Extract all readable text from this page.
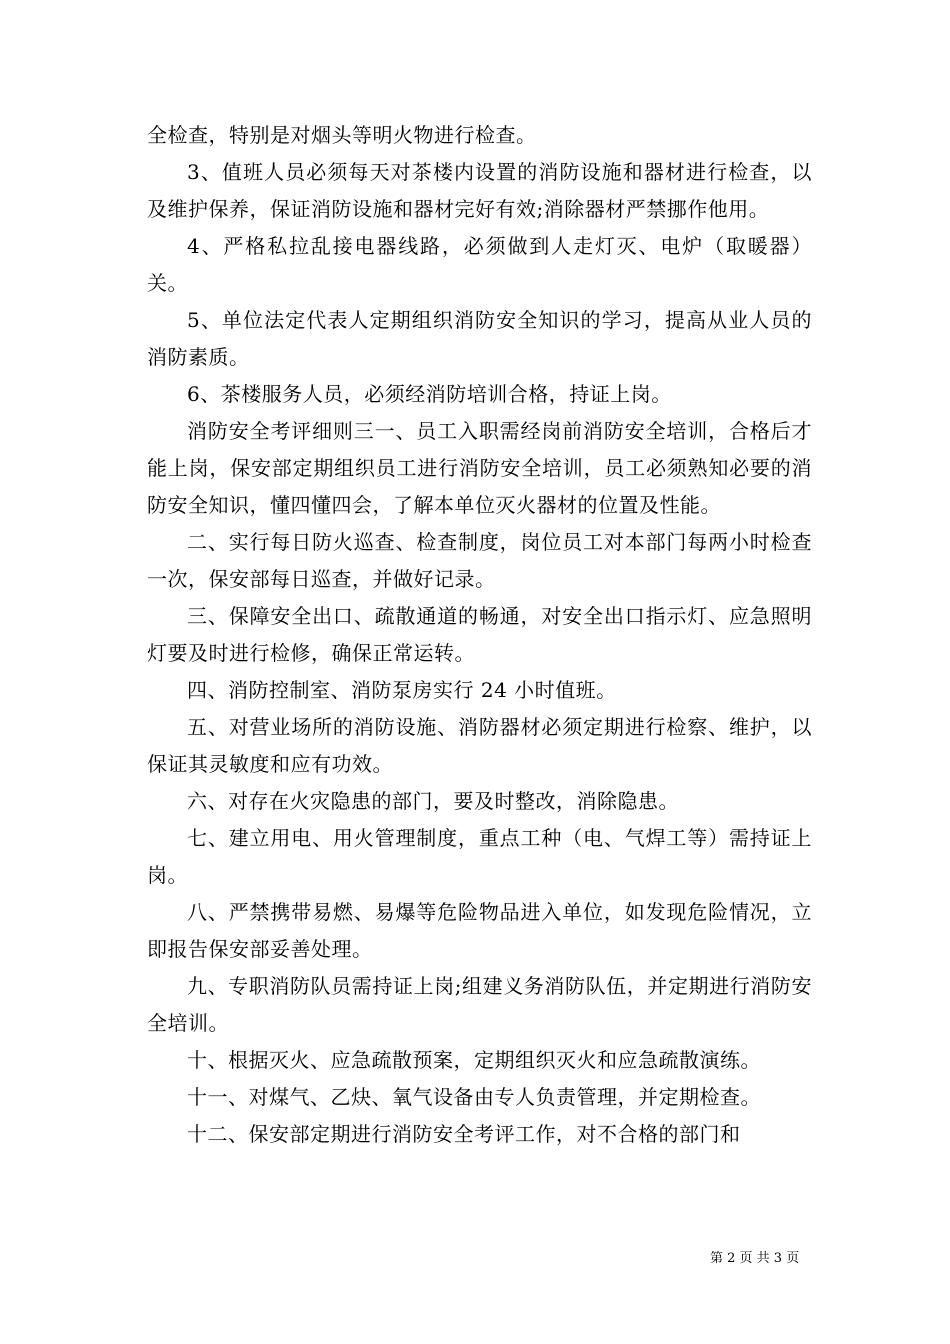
全检查，特别是对烟头等明火物进行检查。

3、值班人员必须每天对茶楼内设置的消防设施和器材进行检查，以及维护保养，保证消防设施和器材完好有效;消除器材严禁挪作他用。

4、严格私拉乱接电器线路，必须做到人走灯灭、电炉（取暖器）关。

5、单位法定代表人定期组织消防安全知识的学习，提高从业人员的消防素质。

6、茶楼服务人员，必须经消防培训合格，持证上岗。

消防安全考评细则三一、员工入职需经岗前消防安全培训，合格后才能上岗，保安部定期组织员工进行消防安全培训，员工必须熟知必要的消防安全知识，懂四懂四会，了解本单位灭火器材的位置及性能。

二、实行每日防火巡查、检查制度，岗位员工对本部门每两小时检查一次，保安部每日巡查，并做好记录。

三、保障安全出口、疏散通道的畅通，对安全出口指示灯、应急照明灯要及时进行检修，确保正常运转。

四、消防控制室、消防泵房实行 24 小时值班。

五、对营业场所的消防设施、消防器材必须定期进行检察、维护，以保证其灵敏度和应有功效。

六、对存在火灾隐患的部门，要及时整改，消除隐患。

七、建立用电、用火管理制度，重点工种（电、气焊工等）需持证上岗。

八、严禁携带易燃、易爆等危险物品进入单位，如发现危险情况，立即报告保安部妥善处理。

九、专职消防队员需持证上岗;组建义务消防队伍，并定期进行消防安全培训。

十、根据灭火、应急疏散预案，定期组织灭火和应急疏散演练。

十一、对煤气、乙炔、氧气设备由专人负责管理，并定期检查。

十二、保安部定期进行消防安全考评工作，对不合格的部门和

第 2 页 共 3 页
